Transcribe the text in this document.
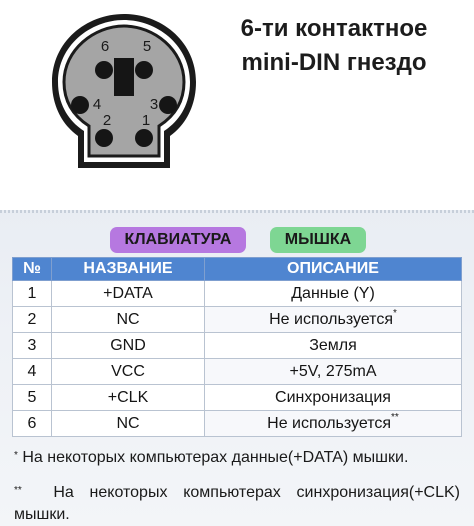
5
6
3
4
1
2
6-ти контактное
mini-DIN гнездо
КЛАВИАТУРА	МЫШКА
№	НАЗВАНИЕ	ОПИСАНИЕ
1	+DATA	Данные (Y)
2	NC	Не используется*
3	GND	Земля
4	VCC	+5V, 275mA
5	+CLK	Синхронизация
6	NC	Не используется**
* На некоторых компьютерах данные(+DATA) мышки.
** На некоторых компьютерах синхронизация(+CLK) мышки.
